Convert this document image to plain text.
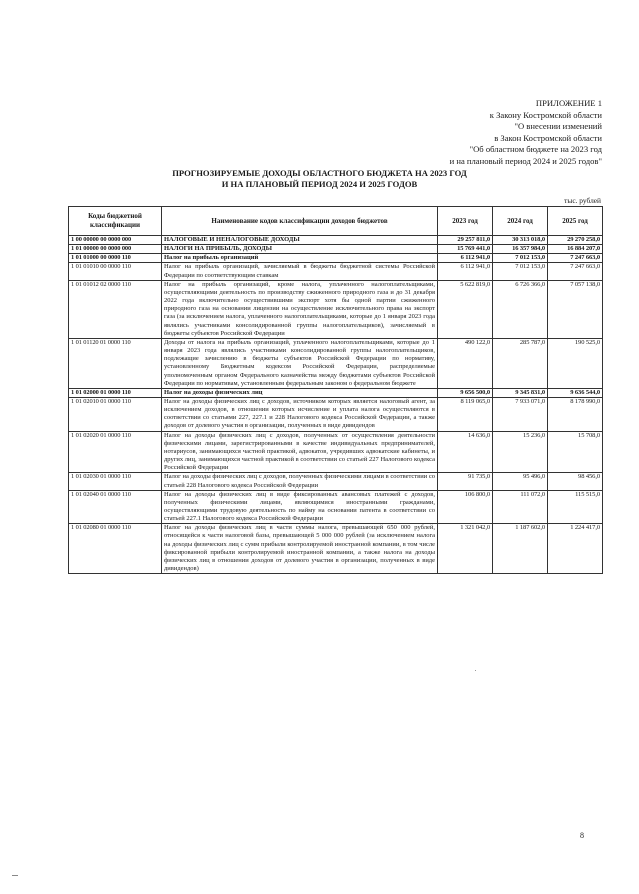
ПРИЛОЖЕНИЕ 1
к Закону Костромской области
"О внесении изменений
в Закон Костромской области
"Об областном бюджете на 2023 год
и на плановый период 2024 и 2025 годов"
ПРОГНОЗИРУЕМЫЕ ДОХОДЫ ОБЛАСТНОГО БЮДЖЕТА НА 2023 ГОД
И НА ПЛАНОВЫЙ ПЕРИОД 2024 И 2025 ГОДОВ
тыс. рублей
Коды бюджетной классификации	Наименование кодов классификации доходов бюджетов	2023 год	2024 год	2025 год
1 00 00000 00 0000 000	НАЛОГОВЫЕ И НЕНАЛОГОВЫЕ ДОХОДЫ	29 257 811,0	30 313 018,0	29 270 258,0
1 01 00000 00 0000 000	НАЛОГИ НА ПРИБЫЛЬ, ДОХОДЫ	15 769 441,0	16 357 984,0	16 884 207,0
1 01 01000 00 0000 110	Налог на прибыль организаций	6 112 941,0	7 012 153,0	7 247 663,0
1 01 01010 00 0000 110	Налог на прибыль организаций, зачисляемый в бюджеты бюджетной системы Российской Федерации по соответствующим ставкам	6 112 941,0	7 012 153,0	7 247 663,0
1 01 01012 02 0000 110	Налог на прибыль организаций, кроме налога, уплаченного налогоплательщиками, осуществляющими деятельность по производству сжиженного природного газа и до 31 декабря 2022 года включительно осуществившими экспорт хотя бы одной партии сжиженного природного газа на основании лицензии на осуществление исключительного права на экспорт газа (за исключением налога, уплаченного налогоплательщиками, которые до 1 января 2023 года являлись участниками консолидированной группы налогоплательщиков), зачисляемый в бюджеты субъектов Российской Федерации	5 622 819,0	6 726 366,0	7 057 138,0
1 01 01120 01 0000 110	Доходы от налога на прибыль организаций, уплаченного налогоплательщиками, которые до 1 января 2023 года являлись участниками консолидированной группы налогоплательщиков, подлежащие зачислению в бюджеты субъектов Российской Федерации по нормативу, установленному Бюджетным кодексом Российской Федерации, распределяемые уполномоченным органом Федерального казначейства между бюджетами субъектов Российской Федерации по нормативам, установленным федеральным законом о федеральном бюджете	490 122,0	285 787,0	190 525,0
1 01 02000 01 0000 110	Налог на доходы физических лиц	9 656 500,0	9 345 831,0	9 636 544,0
1 01 02010 01 0000 110	Налог на доходы физических лиц с доходов, источником которых является налоговый агент, за исключением доходов, в отношении которых исчисление и уплата налога осуществляются в соответствии со статьями 227, 227.1 и 228 Налогового кодекса Российской Федерации, а также доходов от долевого участия в организации, полученных в виде дивидендов	8 119 065,0	7 933 071,0	8 178 990,0
1 01 02020 01 0000 110	Налог на доходы физических лиц с доходов, полученных от осуществления деятельности физическими лицами, зарегистрированными в качестве индивидуальных предпринимателей, нотариусов, занимающихся частной практикой, адвокатов, учредивших адвокатские кабинеты, и других лиц, занимающихся частной практикой в соответствии со статьей 227 Налогового кодекса Российской Федерации	14 636,0	15 236,0	15 708,0
1 01 02030 01 0000 110	Налог на доходы физических лиц с доходов, полученных физическими лицами в соответствии со статьей 228 Налогового кодекса Российской Федерации	91 735,0	95 496,0	98 456,0
1 01 02040 01 0000 110	Налог на доходы физических лиц в виде фиксированных авансовых платежей с доходов, полученных физическими лицами, являющимися иностранными гражданами, осуществляющими трудовую деятельность по найму на основании патента в соответствии со статьей 227.1 Налогового кодекса Российской Федерации	106 800,0	111 072,0	115 515,0
1 01 02080 01 0000 110	Налог на доходы физических лиц в части суммы налога, превышающей 650 000 рублей, относящейся к части налоговой базы, превышающей 5 000 000 рублей (за исключением налога на доходы физических лиц с сумм прибыли контролируемой иностранной компании, в том числе фиксированной прибыли контролируемой иностранной компании, а также налога на доходы физических лиц в отношении доходов от долевого участия в организации, полученных в виде дивидендов)	1 321 042,0	1 187 602,0	1 224 417,0
8
